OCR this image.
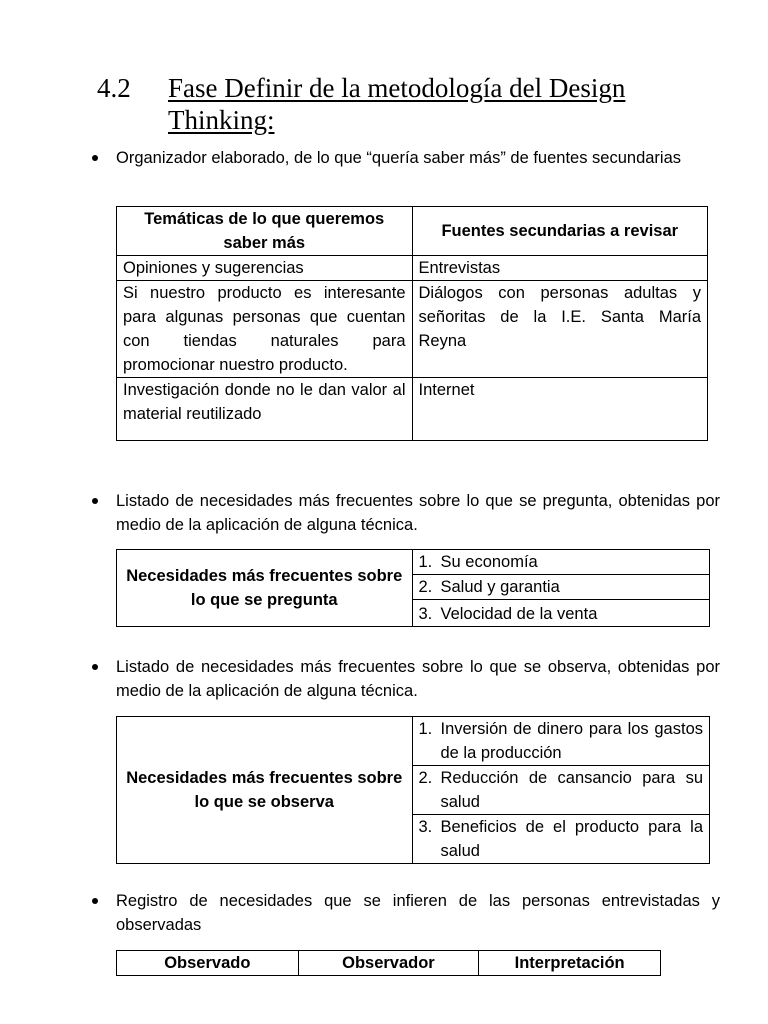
4.2 Fase Definir de la metodología del Design Thinking:
Organizador elaborado, de lo que “quería saber más” de fuentes secundarias
Temáticas de lo que queremos saber más	Fuentes secundarias a revisar
Opiniones y sugerencias	Entrevistas
Si nuestro producto es interesante para algunas personas que cuentan con tiendas naturales para promocionar nuestro producto.	Diálogos con personas adultas y señoritas de la I.E. Santa María Reyna
Investigación donde no le dan valor al material reutilizado	Internet
Listado de necesidades más frecuentes sobre lo que se pregunta, obtenidas por medio de la aplicación de alguna técnica.
Necesidades más frecuentes sobre lo que se pregunta	
1. Su economía

2. Salud y garantia

3. Velocidad de la venta
Listado de necesidades más frecuentes sobre lo que se observa, obtenidas por medio de la aplicación de alguna técnica.
Necesidades más frecuentes sobre lo que se observa	
1. Inversión de dinero para los gastos de la producción

2. Reducción de cansancio para su salud

3. Beneficios de el producto para la salud
Registro de necesidades que se infieren de las personas entrevistadas y observadas
Observado	Observador	Interpretación
